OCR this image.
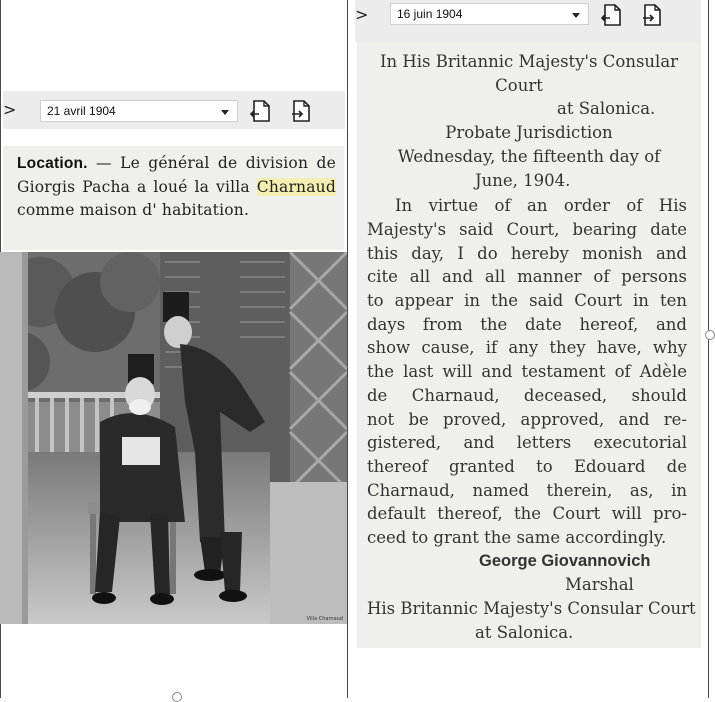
>	21 avril 1904

Location. — Le général de division de Giorgis Pacha a loué la villa Charnaud comme maison d' habitation.

Villa Charnaud
>	16 juin 1904
In His Britannic Majesty's Consular
Court
at Salonica.
Probate Jurisdiction
Wednesday, the fifteenth day of
June, 1904.
In virtue of an order of His
Majesty's said Court, bearing date
this day, I do hereby monish and
cite all and all manner of persons
to appear in the said Court in ten
days from the date hereof, and
show cause, if any they have, why
the last will and testament of Adèle
de Charnaud, deceased, should
not be proved, approved, and re-
gistered, and letters executorial
thereof granted to Edouard de
Charnaud, named therein, as, in
default thereof, the Court will pro-
ceed to grant the same accordingly.
George Giovannovich
Marshal
His Britannic Majesty's Consular Court
at Salonica.
